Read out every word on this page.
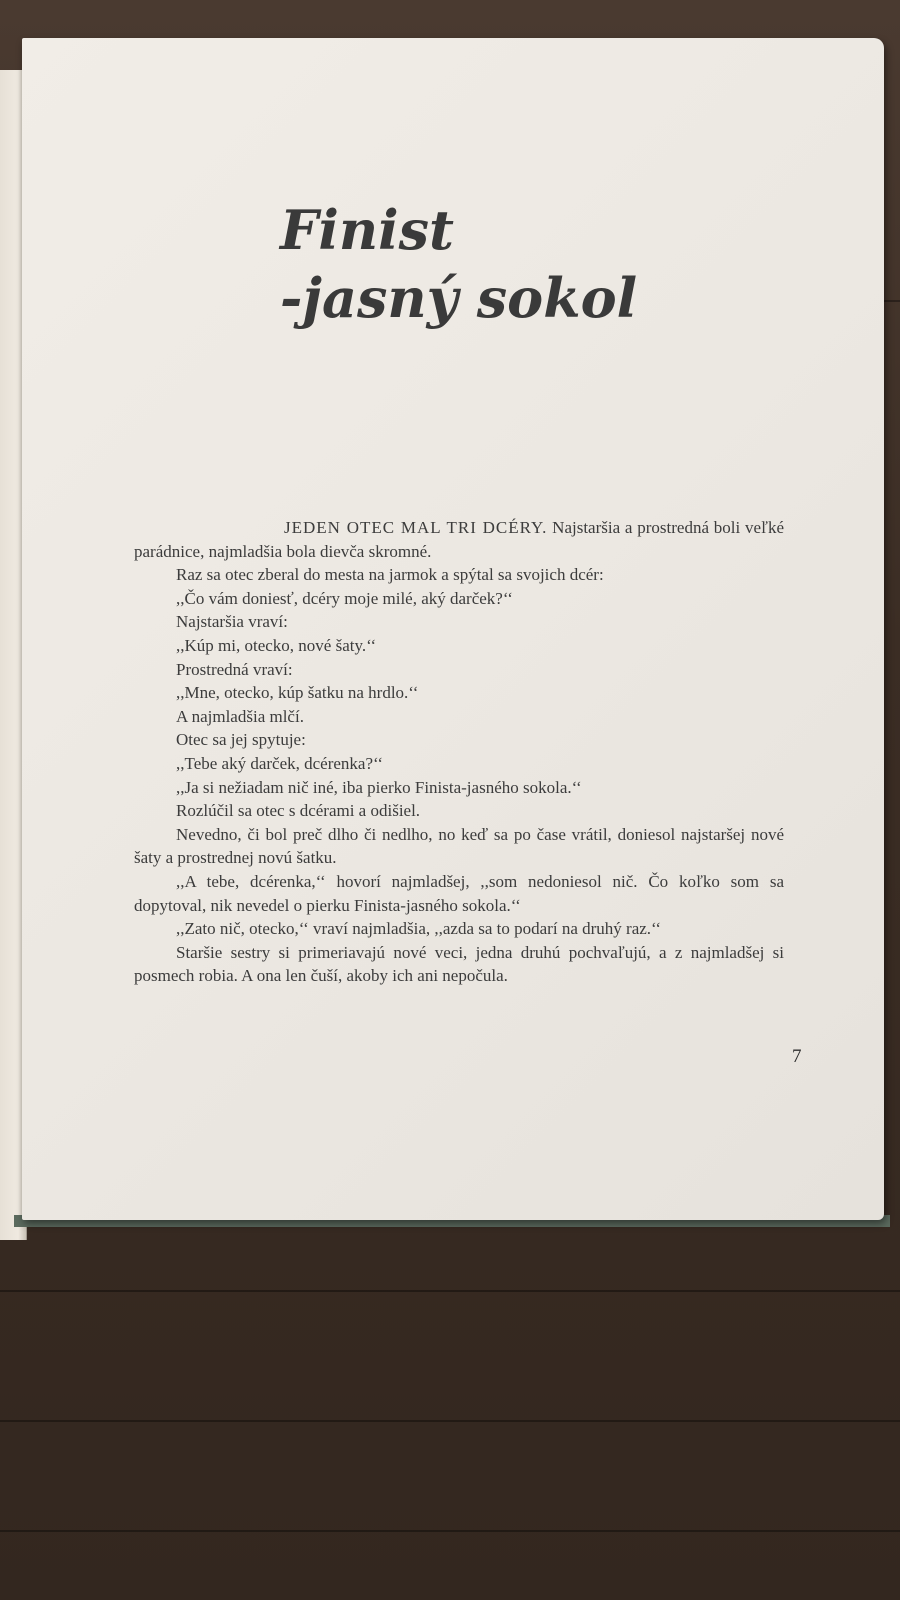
Finist
-jasný sokol

JEDEN OTEC MAL TRI DCÉRY. Najstaršia a prostredná boli veľké parádnice, najmladšia bola dievča skromné.

Raz sa otec zberal do mesta na jarmok a spýtal sa svojich dcér:

,,Čo vám doniesť, dcéry moje milé, aký darček?‘‘

Najstaršia vraví:

,,Kúp mi, otecko, nové šaty.‘‘

Prostredná vraví:

,,Mne, otecko, kúp šatku na hrdlo.‘‘

A najmladšia mlčí.

Otec sa jej spytuje:

,,Tebe aký darček, dcérenka?‘‘

,,Ja si nežiadam nič iné, iba pierko Finista-jasného sokola.‘‘

Rozlúčil sa otec s dcérami a odišiel.

Nevedno, či bol preč dlho či nedlho, no keď sa po čase vrátil, doniesol najstaršej nové šaty a prostrednej novú šatku.

,,A tebe, dcérenka,‘‘ hovorí najmladšej, ,,som nedoniesol nič. Čo koľko som sa dopytoval, nik nevedel o pierku Finista-jasného sokola.‘‘

,,Zato nič, otecko,‘‘ vraví najmladšia, ,,azda sa to podarí na druhý raz.‘‘

Staršie sestry si primeriavajú nové veci, jedna druhú pochvaľujú, a z najmladšej si posmech robia. A ona len čuší, akoby ich ani nepočula.

7
